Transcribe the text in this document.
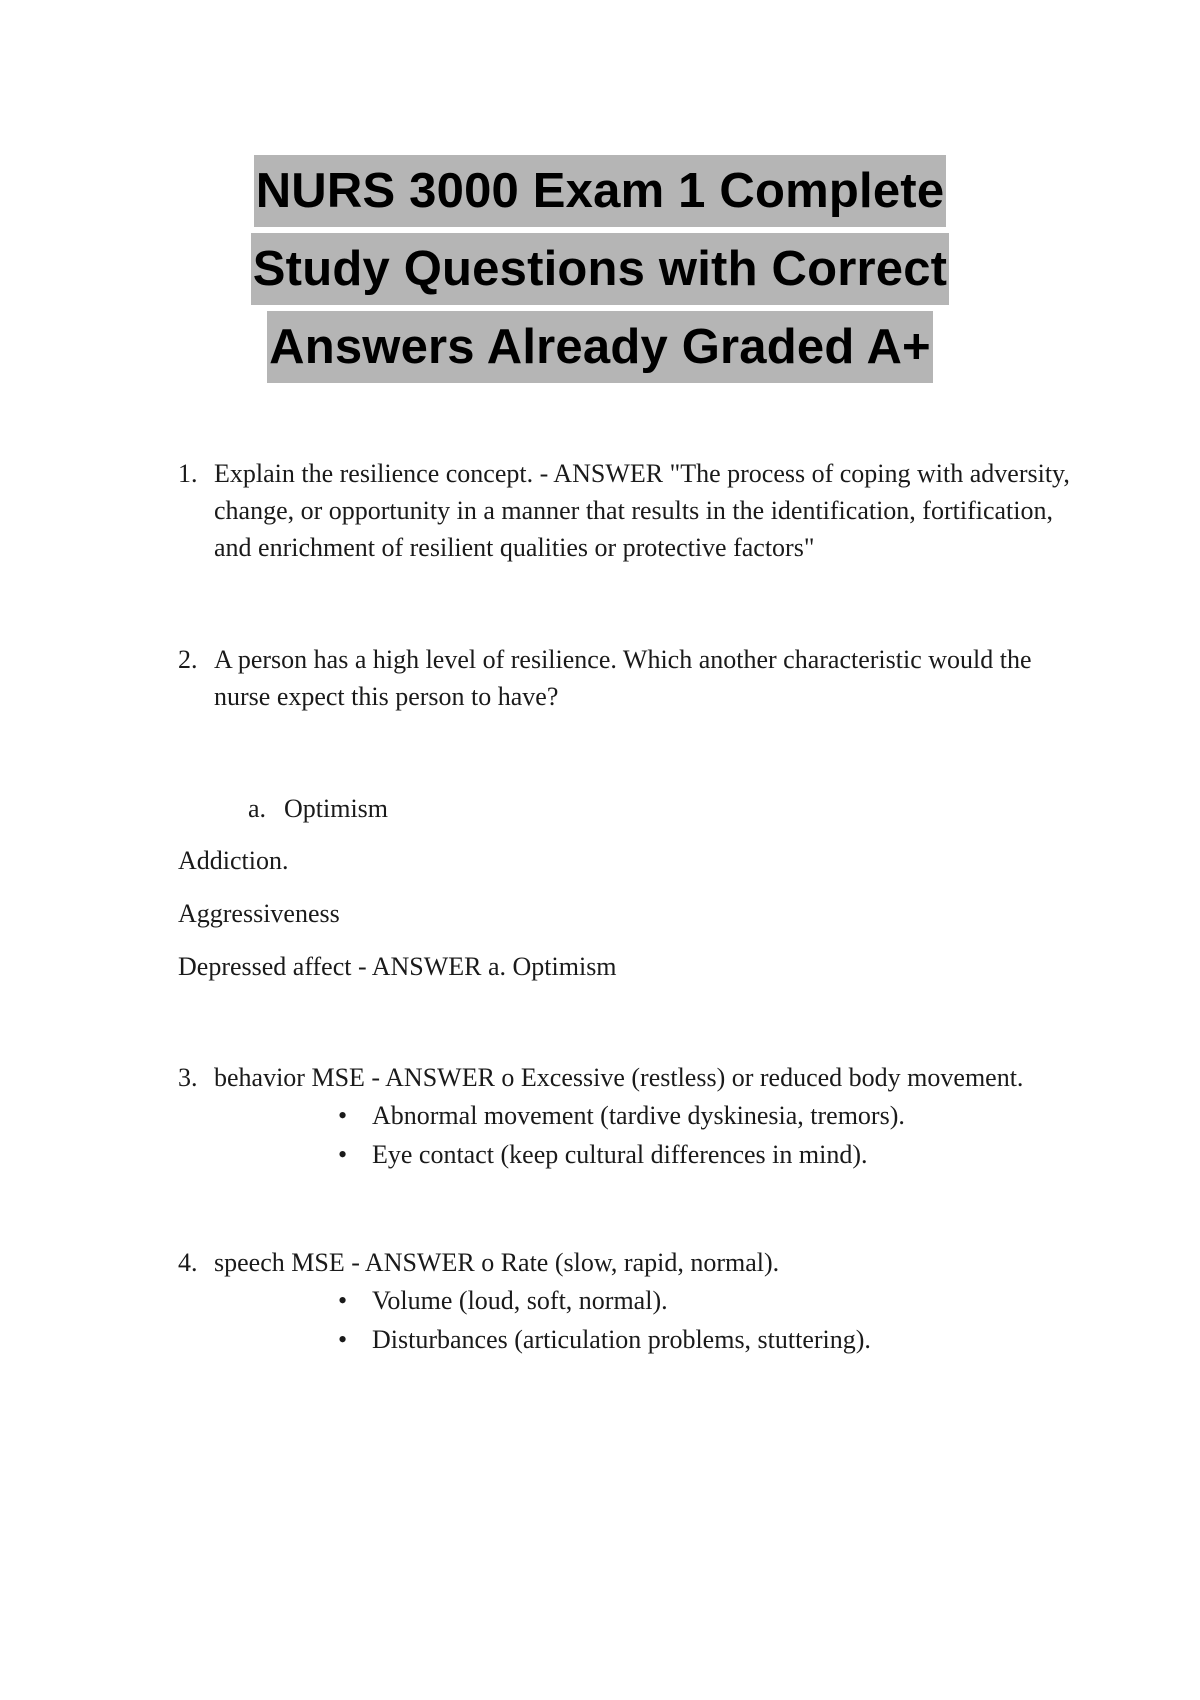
NURS 3000 Exam 1 Complete
Study Questions with Correct
Answers Already Graded A+
1. Explain the resilience concept. - ANSWER "The process of coping with adversity, change, or opportunity in a manner that results in the identification, fortification, and enrichment of resilient qualities or protective factors"
2. A person has a high level of resilience. Which another characteristic would the nurse expect this person to have?
a. Optimism
Addiction.
Aggressiveness
Depressed affect - ANSWER a. Optimism
3. behavior MSE - ANSWER o Excessive (restless) or reduced body movement.
• Abnormal movement (tardive dyskinesia, tremors).
• Eye contact (keep cultural differences in mind).
4. speech MSE - ANSWER o Rate (slow, rapid, normal).
• Volume (loud, soft, normal).
• Disturbances (articulation problems, stuttering).
